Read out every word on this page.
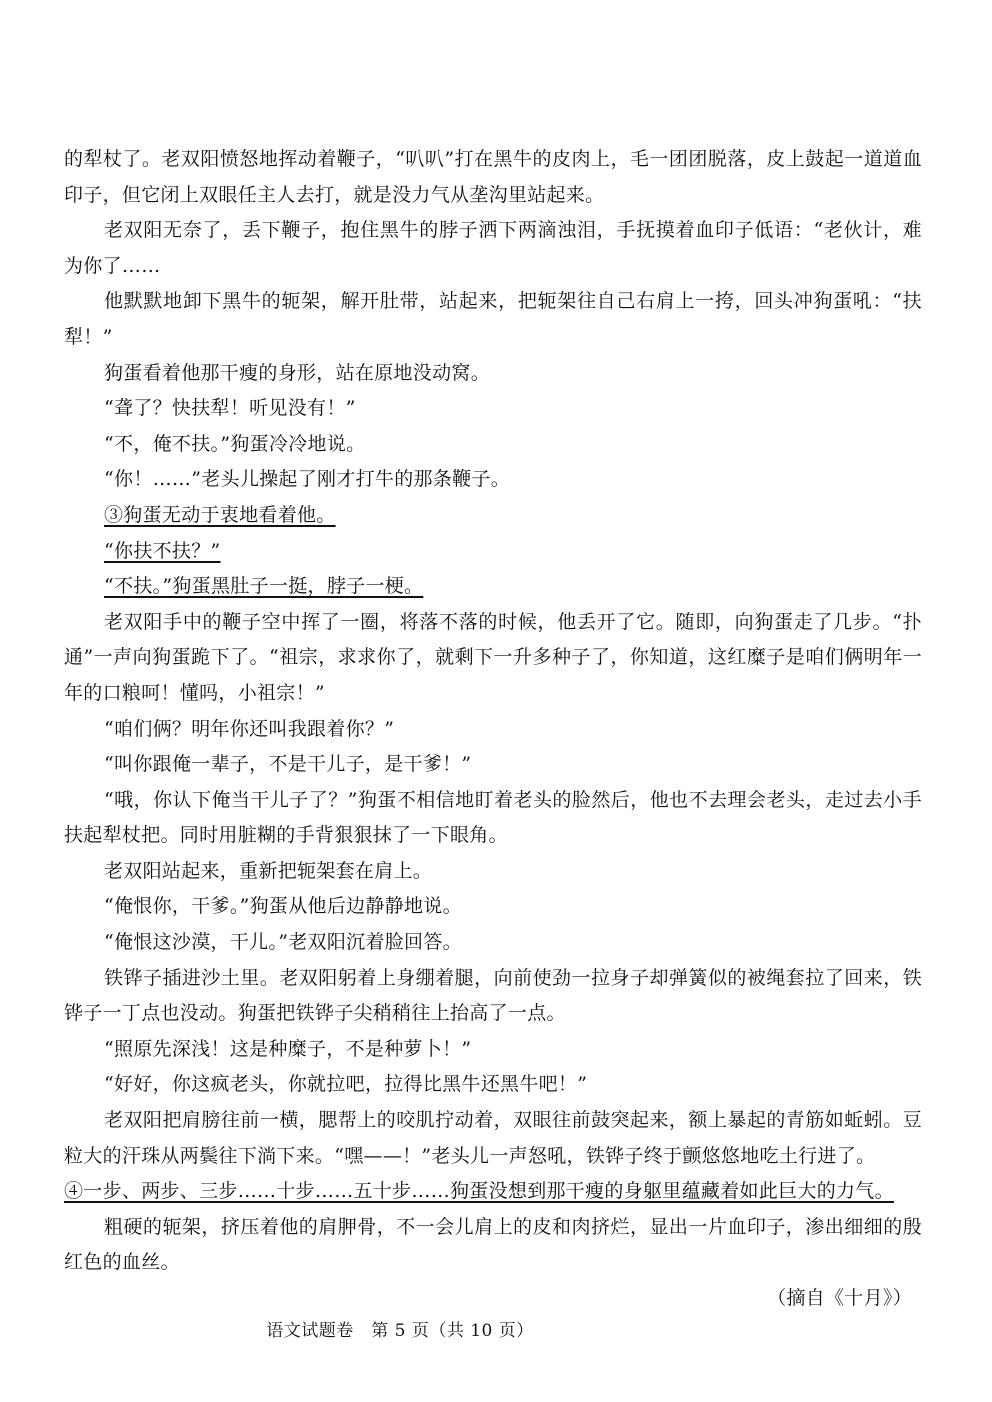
的犁杖了。老双阳愤怒地挥动着鞭子，“叭叭”打在黑牛的皮肉上，毛一团团脱落，皮上鼓起一道道血印子，但它闭上双眼任主人去打，就是没力气从垄沟里站起来。

老双阳无奈了，丢下鞭子，抱住黑牛的脖子洒下两滴浊泪，手抚摸着血印子低语：“老伙计，难为你了……

他默默地卸下黑牛的轭架，解开肚带，站起来，把轭架往自己右肩上一挎，回头冲狗蛋吼：“扶犁！”

狗蛋看着他那干瘦的身形，站在原地没动窝。

“聋了？快扶犁！听见没有！”

“不，俺不扶。”狗蛋冷冷地说。

“你！……”老头儿操起了刚才打牛的那条鞭子。

③狗蛋无动于衷地看着他。

“你扶不扶？”

“不扶。”狗蛋黑肚子一挺，脖子一梗。

老双阳手中的鞭子空中挥了一圈，将落不落的时候，他丢开了它。随即，向狗蛋走了几步。“扑通”一声向狗蛋跪下了。“祖宗，求求你了，就剩下一升多种子了，你知道，这红糜子是咱们俩明年一年的口粮呵！懂吗，小祖宗！”

“咱们俩？明年你还叫我跟着你？”

“叫你跟俺一辈子，不是干儿子，是干爹！”

“哦，你认下俺当干儿子了？”狗蛋不相信地盯着老头的脸然后，他也不去理会老头，走过去小手扶起犁杖把。同时用脏糊的手背狠狠抹了一下眼角。

老双阳站起来，重新把轭架套在肩上。

“俺恨你，干爹。”狗蛋从他后边静静地说。

“俺恨这沙漠，干儿。”老双阳沉着脸回答。

铁铧子插进沙土里。老双阳躬着上身绷着腿，向前使劲一拉身子却弹簧似的被绳套拉了回来，铁铧子一丁点也没动。狗蛋把铁铧子尖稍稍往上抬高了一点。

“照原先深浅！这是种糜子，不是种萝卜！”

“好好，你这疯老头，你就拉吧，拉得比黑牛还黑牛吧！”

老双阳把肩膀往前一横，腮帮上的咬肌拧动着，双眼往前鼓突起来，额上暴起的青筋如蚯蚓。豆粒大的汗珠从两鬓往下淌下来。“嘿——！”老头儿一声怒吼，铁铧子终于颤悠悠地吃土行进了。

④一步、两步、三步……十步……五十步……狗蛋没想到那干瘦的身躯里蕴藏着如此巨大的力气。

粗硬的轭架，挤压着他的肩胛骨，不一会儿肩上的皮和肉挤烂，显出一片血印子，渗出细细的殷红色的血丝。

（摘自《十月》）

语文试题卷　第 5 页（共 10 页）
